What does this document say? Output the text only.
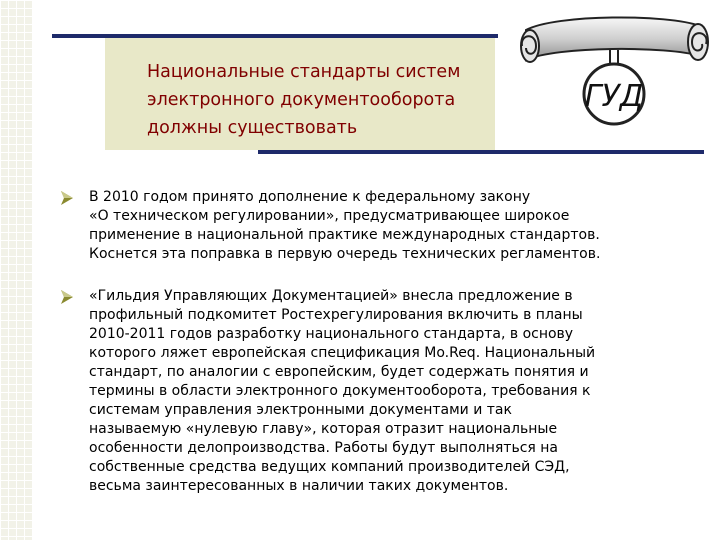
Национальные стандарты систем
электронного документооборота
должны существовать
ГУД
В 2010 годом принято дополнение к федеральному закону
«О техническом регулировании», предусматривающее широкое
применение в национальной практике международных стандартов.
Коснется эта поправка в первую очередь технических регламентов.
«Гильдия Управляющих Документацией» внесла предложение в
профильный подкомитет Ростехрегулирования включить в планы
2010-2011 годов разработку национального стандарта, в основу
которого ляжет европейская спецификация Mo.Req. Национальный
стандарт, по аналогии с европейским, будет содержать понятия и
термины в области электронного документооборота, требования к
системам управления электронными документами и так
называемую «нулевую главу», которая отразит национальные
особенности делопроизводства. Работы будут выполняться на
собственные средства ведущих компаний производителей СЭД,
весьма заинтересованных в наличии таких документов.
